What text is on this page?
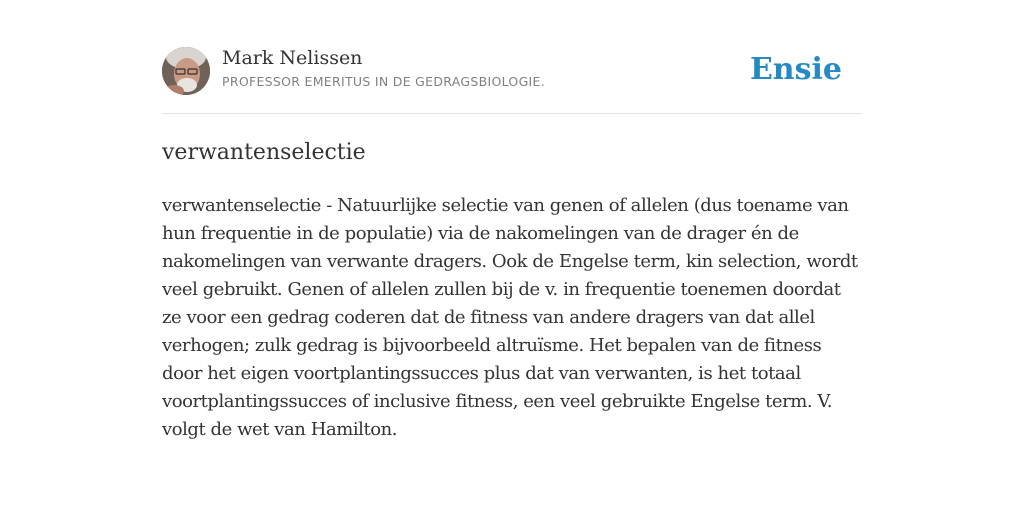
Mark Nelissen
PROFESSOR EMERITUS IN DE GEDRAGSBIOLOGIE.	Ensie
verwantenselectie

verwantenselectie - Natuurlijke selectie van genen of allelen (dus toename van hun frequentie in de populatie) via de nakomelingen van de drager én de nakomelingen van verwante dragers. Ook de Engelse term, kin selection, wordt veel gebruikt. Genen of allelen zullen bij de v. in frequentie toenemen doordat ze voor een gedrag coderen dat de fitness van andere dragers van dat allel verhogen; zulk gedrag is bijvoorbeeld altruïsme. Het bepalen van de fitness door het eigen voortplantingssucces plus dat van verwanten, is het totaal voortplantingssucces of inclusive fitness, een veel gebruikte Engelse term. V. volgt de wet van Hamilton.
